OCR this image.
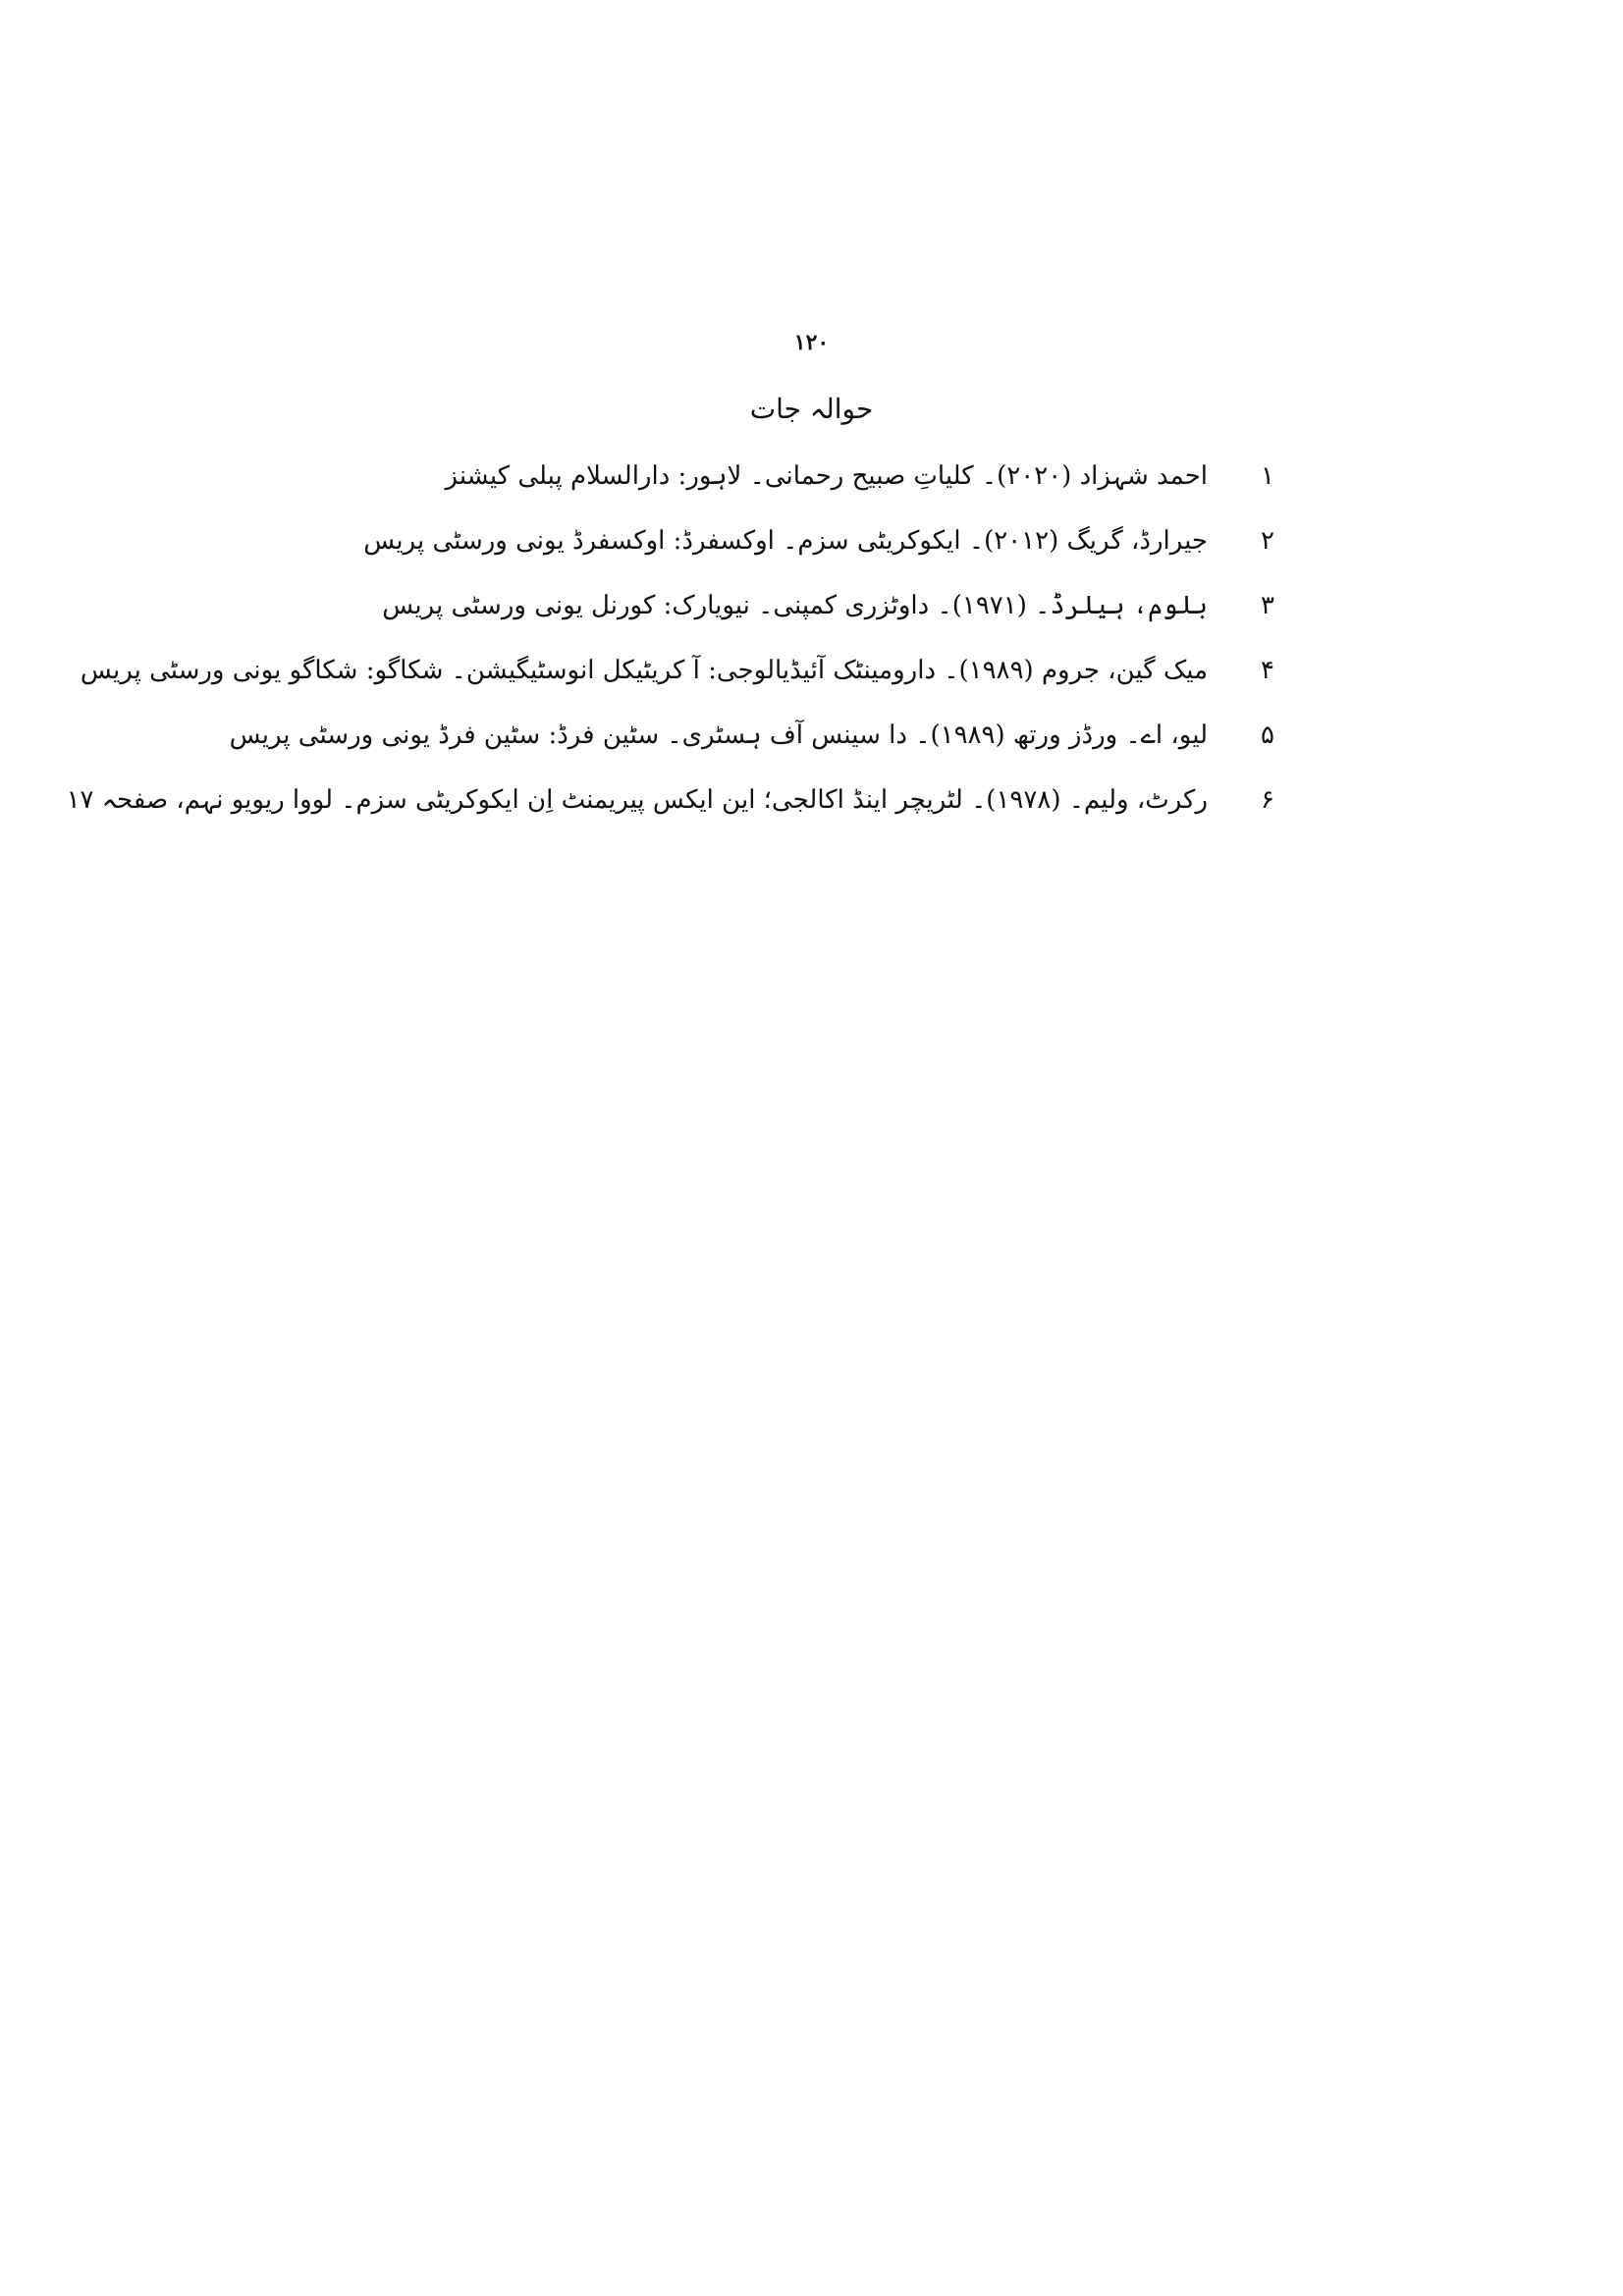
۱۲۰
حوالہ جات
۱
احمد شہزاد (۲۰۲۰)۔ کلیاتِ صبیح رحمانی۔ لاہور: دارالسلام پبلی کیشنز
۲
جیرارڈ، گریگ (۲۰۱۲)۔ ایکوکریٹی سزم۔ اوکسفرڈ: اوکسفرڈ یونی ورسٹی پریس
۳
بلوم، ہیلرڈ۔ (۱۹۷۱)۔ داوٹزری کمپنی۔ نیویارک: کورنل یونی ورسٹی پریس
۴
میک گین، جروم (۱۹۸۹)۔ دارومینٹک آئیڈیالوجی: آ کریٹیکل انوسٹیگیشن۔ شکاگو: شکاگو یونی ورسٹی پریس
۵
لیو، اے۔ ورڈز ورتھ (۱۹۸۹)۔ دا سینس آف ہسٹری۔ سٹین فرڈ: سٹین فرڈ یونی ورسٹی پریس
۶
رکرٹ، ولیم۔ (۱۹۷۸)۔ لٹریچر اینڈ اکالجی؛ این ایکس پیریمنٹ اِن ایکوکریٹی سزم۔ لووا ریویو نہم، صفحہ ۱۷
